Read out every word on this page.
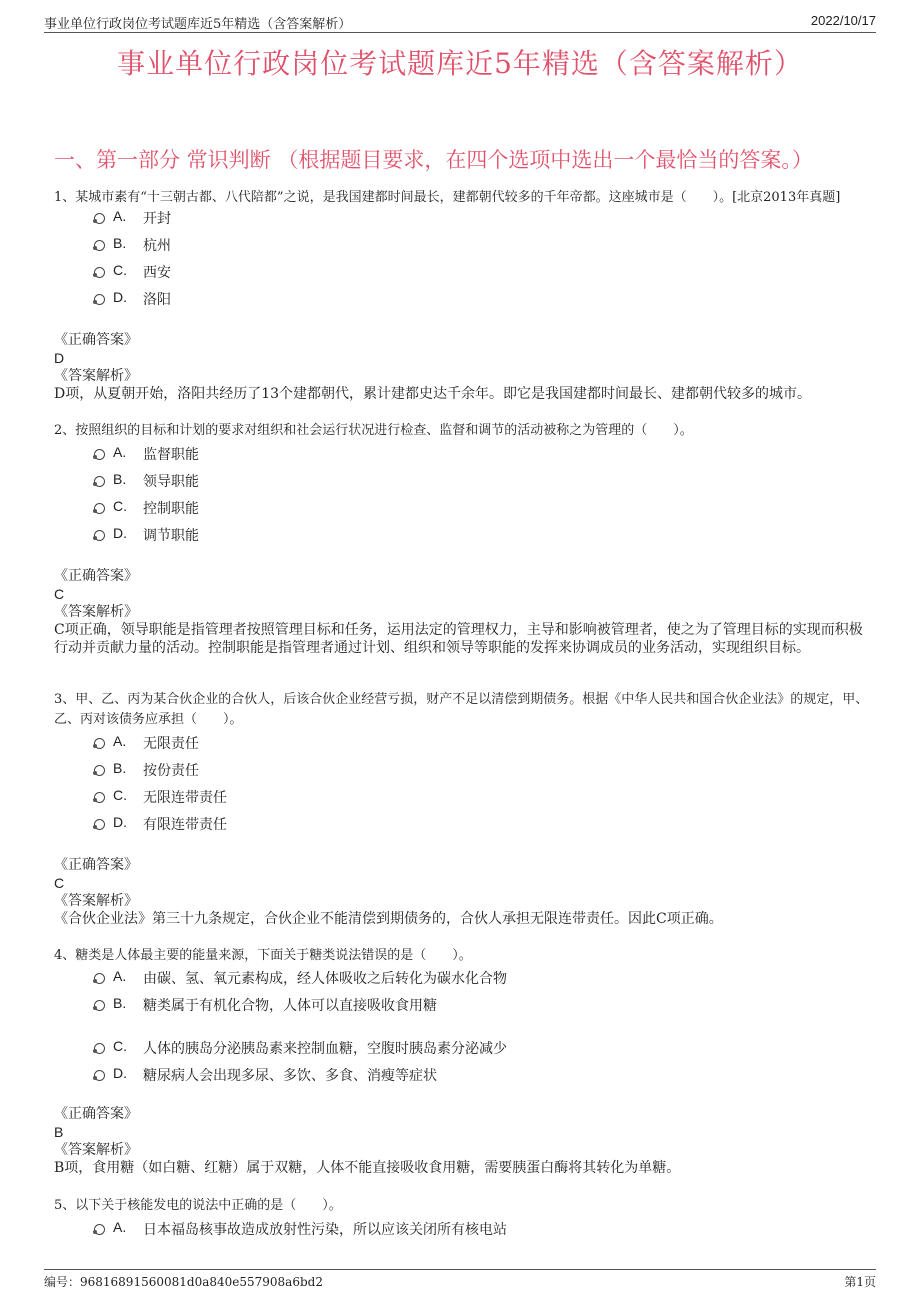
事业单位行政岗位考试题库近5年精选（含答案解析）	2022/10/17
事业单位行政岗位考试题库近5年精选（含答案解析）
一、第一部分 常识判断 （根据题目要求，在四个选项中选出一个最恰当的答案。）
1、某城市素有“十三朝古都、八代陪都”之说，是我国建都时间最长，建都朝代较多的千年帝都。这座城市是（　　）。[北京2013年真题]
A. 开封
B. 杭州
C. 西安
D. 洛阳
《正确答案》
D
《答案解析》
D项，从夏朝开始，洛阳共经历了13个建都朝代，累计建都史达千余年。即它是我国建都时间最长、建都朝代较多的城市。
2、按照组织的目标和计划的要求对组织和社会运行状况进行检查、监督和调节的活动被称之为管理的（　　）。
A. 监督职能
B. 领导职能
C. 控制职能
D. 调节职能
《正确答案》
C
《答案解析》
C项正确，领导职能是指管理者按照管理目标和任务，运用法定的管理权力，主导和影响被管理者，使之为了管理目标的实现而积极行动并贡献力量的活动。控制职能是指管理者通过计划、组织和领导等职能的发挥来协调成员的业务活动，实现组织目标。
3、甲、乙、丙为某合伙企业的合伙人，后该合伙企业经营亏损，财产不足以清偿到期债务。根据《中华人民共和国合伙企业法》的规定，甲、乙、丙对该债务应承担（　　）。
A. 无限责任
B. 按份责任
C. 无限连带责任
D. 有限连带责任
《正确答案》
C
《答案解析》
《合伙企业法》第三十九条规定，合伙企业不能清偿到期债务的，合伙人承担无限连带责任。因此C项正确。
4、糖类是人体最主要的能量来源，下面关于糖类说法错误的是（　　）。
A. 由碳、氢、氧元素构成，经人体吸收之后转化为碳水化合物
B. 糖类属于有机化合物，人体可以直接吸收食用糖
C. 人体的胰岛分泌胰岛素来控制血糖，空腹时胰岛素分泌减少
D. 糖尿病人会出现多尿、多饮、多食、消瘦等症状
《正确答案》
B
《答案解析》
B项，食用糖（如白糖、红糖）属于双糖，人体不能直接吸收食用糖，需要胰蛋白酶将其转化为单糖。
5、以下关于核能发电的说法中正确的是（　　）。
A. 日本福岛核事故造成放射性污染，所以应该关闭所有核电站
编号：96816891560081d0a840e557908a6bd2	第1页
